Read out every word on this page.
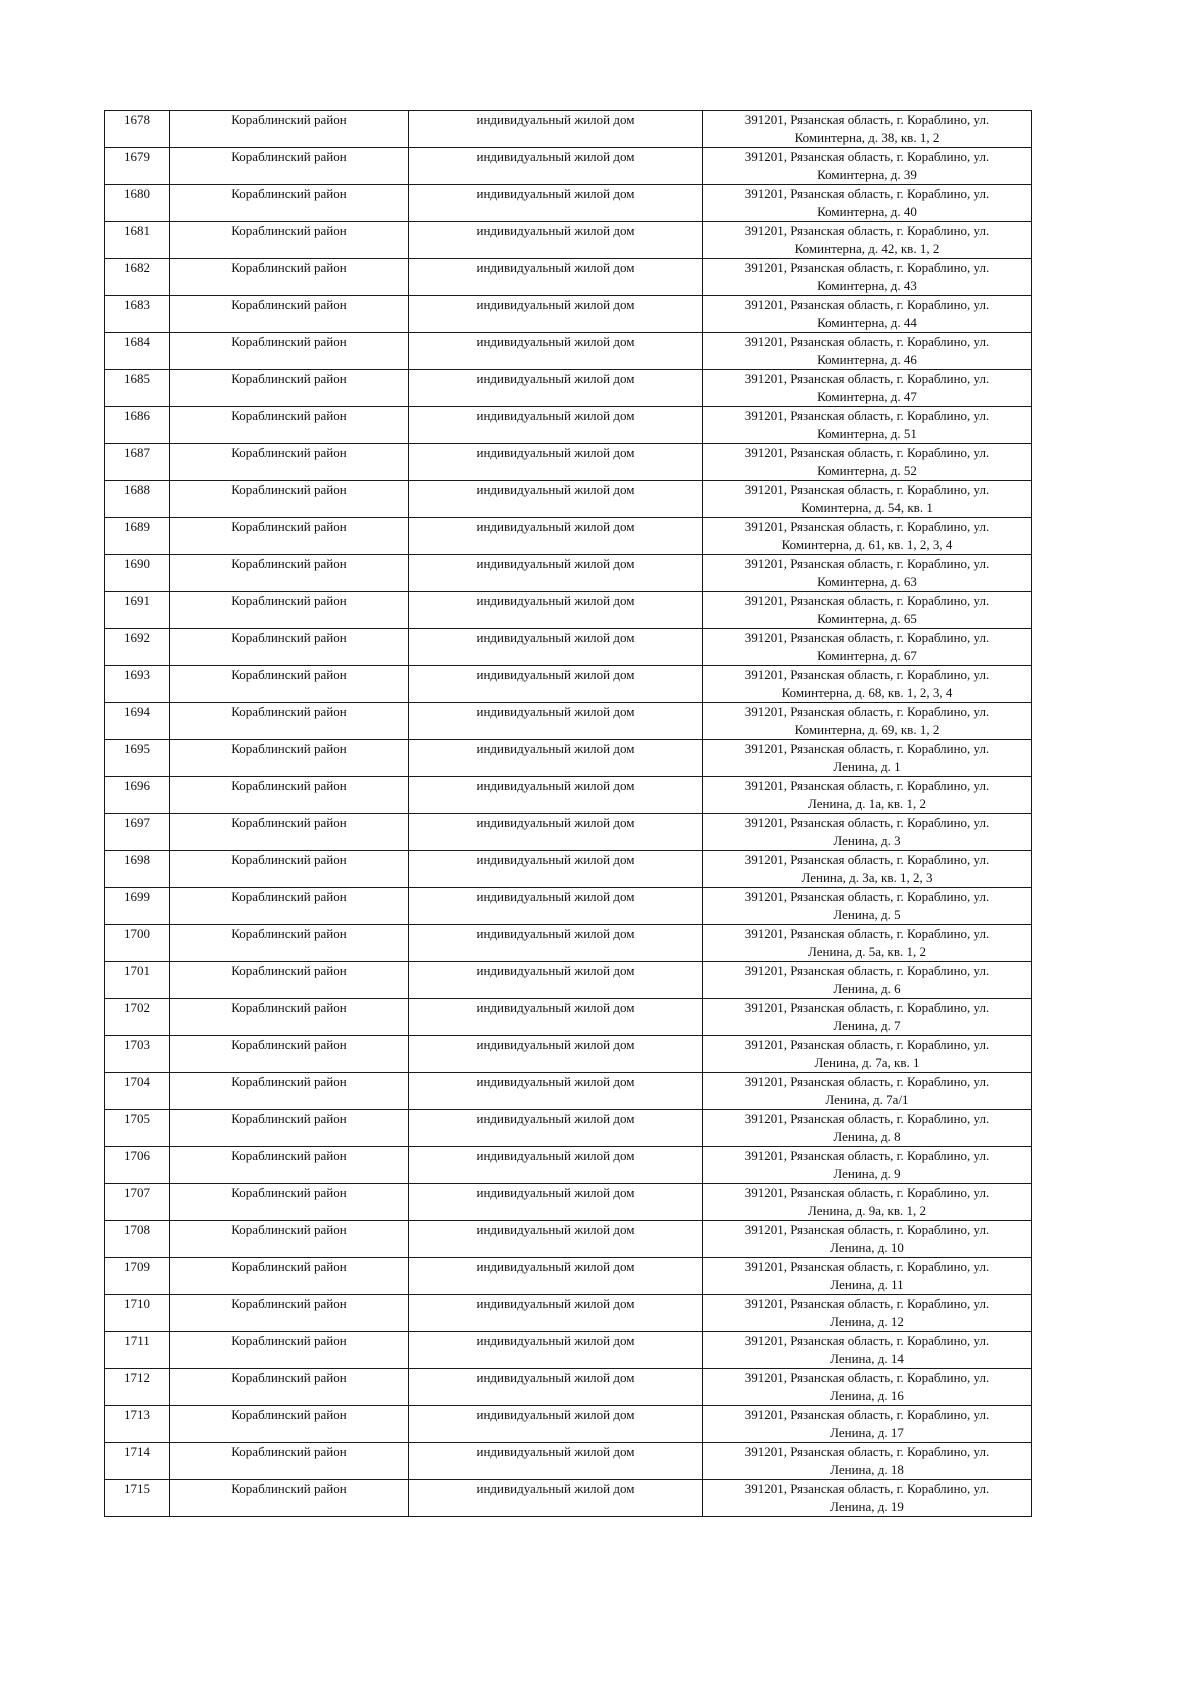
1678	Кораблинский район	индивидуальный жилой дом	391201, Рязанская область, г. Кораблино, ул.
Коминтерна, д. 38, кв. 1, 2

1679	Кораблинский район	индивидуальный жилой дом	391201, Рязанская область, г. Кораблино, ул.
Коминтерна, д. 39

1680	Кораблинский район	индивидуальный жилой дом	391201, Рязанская область, г. Кораблино, ул.
Коминтерна, д. 40

1681	Кораблинский район	индивидуальный жилой дом	391201, Рязанская область, г. Кораблино, ул.
Коминтерна, д. 42, кв. 1, 2

1682	Кораблинский район	индивидуальный жилой дом	391201, Рязанская область, г. Кораблино, ул.
Коминтерна, д. 43

1683	Кораблинский район	индивидуальный жилой дом	391201, Рязанская область, г. Кораблино, ул.
Коминтерна, д. 44

1684	Кораблинский район	индивидуальный жилой дом	391201, Рязанская область, г. Кораблино, ул.
Коминтерна, д. 46

1685	Кораблинский район	индивидуальный жилой дом	391201, Рязанская область, г. Кораблино, ул.
Коминтерна, д. 47

1686	Кораблинский район	индивидуальный жилой дом	391201, Рязанская область, г. Кораблино, ул.
Коминтерна, д. 51

1687	Кораблинский район	индивидуальный жилой дом	391201, Рязанская область, г. Кораблино, ул.
Коминтерна, д. 52

1688	Кораблинский район	индивидуальный жилой дом	391201, Рязанская область, г. Кораблино, ул.
Коминтерна, д. 54, кв. 1

1689	Кораблинский район	индивидуальный жилой дом	391201, Рязанская область, г. Кораблино, ул.
Коминтерна, д. 61, кв. 1, 2, 3, 4

1690	Кораблинский район	индивидуальный жилой дом	391201, Рязанская область, г. Кораблино, ул.
Коминтерна, д. 63

1691	Кораблинский район	индивидуальный жилой дом	391201, Рязанская область, г. Кораблино, ул.
Коминтерна, д. 65

1692	Кораблинский район	индивидуальный жилой дом	391201, Рязанская область, г. Кораблино, ул.
Коминтерна, д. 67

1693	Кораблинский район	индивидуальный жилой дом	391201, Рязанская область, г. Кораблино, ул.
Коминтерна, д. 68, кв. 1, 2, 3, 4

1694	Кораблинский район	индивидуальный жилой дом	391201, Рязанская область, г. Кораблино, ул.
Коминтерна, д. 69, кв. 1, 2

1695	Кораблинский район	индивидуальный жилой дом	391201, Рязанская область, г. Кораблино, ул.
Ленина, д. 1

1696	Кораблинский район	индивидуальный жилой дом	391201, Рязанская область, г. Кораблино, ул.
Ленина, д. 1а, кв. 1, 2

1697	Кораблинский район	индивидуальный жилой дом	391201, Рязанская область, г. Кораблино, ул.
Ленина, д. 3

1698	Кораблинский район	индивидуальный жилой дом	391201, Рязанская область, г. Кораблино, ул.
Ленина, д. 3а, кв. 1, 2, 3

1699	Кораблинский район	индивидуальный жилой дом	391201, Рязанская область, г. Кораблино, ул.
Ленина, д. 5

1700	Кораблинский район	индивидуальный жилой дом	391201, Рязанская область, г. Кораблино, ул.
Ленина, д. 5а, кв. 1, 2

1701	Кораблинский район	индивидуальный жилой дом	391201, Рязанская область, г. Кораблино, ул.
Ленина, д. 6

1702	Кораблинский район	индивидуальный жилой дом	391201, Рязанская область, г. Кораблино, ул.
Ленина, д. 7

1703	Кораблинский район	индивидуальный жилой дом	391201, Рязанская область, г. Кораблино, ул.
Ленина, д. 7а, кв. 1

1704	Кораблинский район	индивидуальный жилой дом	391201, Рязанская область, г. Кораблино, ул.
Ленина, д. 7а/1

1705	Кораблинский район	индивидуальный жилой дом	391201, Рязанская область, г. Кораблино, ул.
Ленина, д. 8

1706	Кораблинский район	индивидуальный жилой дом	391201, Рязанская область, г. Кораблино, ул.
Ленина, д. 9

1707	Кораблинский район	индивидуальный жилой дом	391201, Рязанская область, г. Кораблино, ул.
Ленина, д. 9а, кв. 1, 2

1708	Кораблинский район	индивидуальный жилой дом	391201, Рязанская область, г. Кораблино, ул.
Ленина, д. 10

1709	Кораблинский район	индивидуальный жилой дом	391201, Рязанская область, г. Кораблино, ул.
Ленина, д. 11

1710	Кораблинский район	индивидуальный жилой дом	391201, Рязанская область, г. Кораблино, ул.
Ленина, д. 12

1711	Кораблинский район	индивидуальный жилой дом	391201, Рязанская область, г. Кораблино, ул.
Ленина, д. 14

1712	Кораблинский район	индивидуальный жилой дом	391201, Рязанская область, г. Кораблино, ул.
Ленина, д. 16

1713	Кораблинский район	индивидуальный жилой дом	391201, Рязанская область, г. Кораблино, ул.
Ленина, д. 17

1714	Кораблинский район	индивидуальный жилой дом	391201, Рязанская область, г. Кораблино, ул.
Ленина, д. 18

1715	Кораблинский район	индивидуальный жилой дом	391201, Рязанская область, г. Кораблино, ул.
Ленина, д. 19
